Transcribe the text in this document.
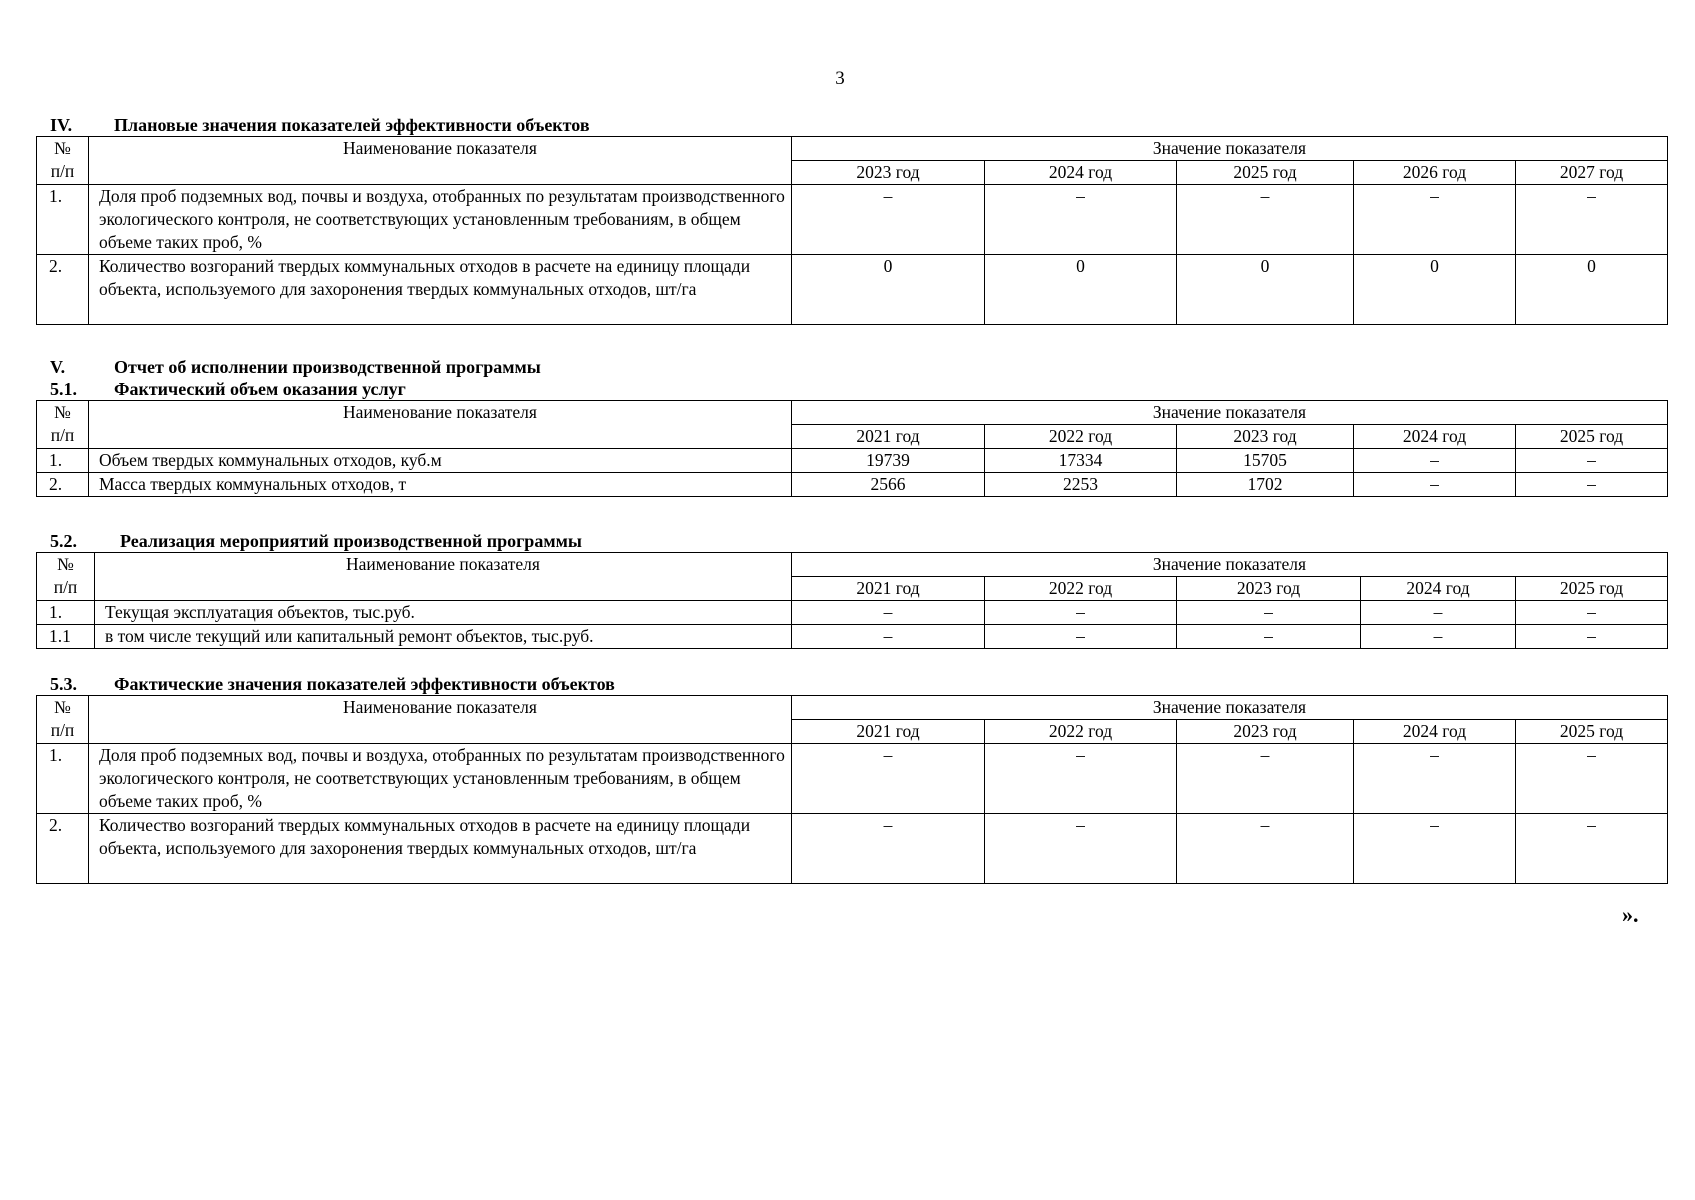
3
IV. Плановые значения показателей эффективности объектов
№
п/п	Наименование показателя	Значение показателя				
		2023 год	2024 год	2025 год	2026 год	2027 год
1.	Доля проб подземных вод, почвы и воздуха, отобранных по результатам производственного экологического контроля, не соответствующих установленным требованиям, в общем объеме таких проб, %	–	–	–	–	–
2.	Количество возгораний твердых коммунальных отходов в расчете на единицу площади объекта, используемого для захоронения твердых коммунальных отходов, шт/га	0	0	0	0	0
V.	Отчет об исполнении производственной программы
5.1. Фактический объем оказания услуг
№
п/п	Наименование показателя	Значение показателя				
		2021 год	2022 год	2023 год	2024 год	2025 год
1.	Объем твердых коммунальных отходов, куб.м	19739	17334	15705	–	–
2.	Масса твердых коммунальных отходов, т	2566	2253	1702	–	–
5.2. Реализация мероприятий производственной программы
№
п/п	Наименование показателя	Значение показателя				
		2021 год	2022 год	2023 год	2024 год	2025 год
1.	Текущая эксплуатация объектов, тыс.руб.	–	–	–	–	–
1.1	в том числе текущий или капитальный ремонт объектов, тыс.руб.	–	–	–	–	–
5.3. Фактические значения показателей эффективности объектов
№
п/п	Наименование показателя	Значение показателя				
		2021 год	2022 год	2023 год	2024 год	2025 год
1.	Доля проб подземных вод, почвы и воздуха, отобранных по результатам производственного экологического контроля, не соответствующих установленным требованиям, в общем объеме таких проб, %	–	–	–	–	–
2.	Количество возгораний твердых коммунальных отходов в расчете на единицу площади объекта, используемого для захоронения твердых коммунальных отходов, шт/га	–	–	–	–	–
».
